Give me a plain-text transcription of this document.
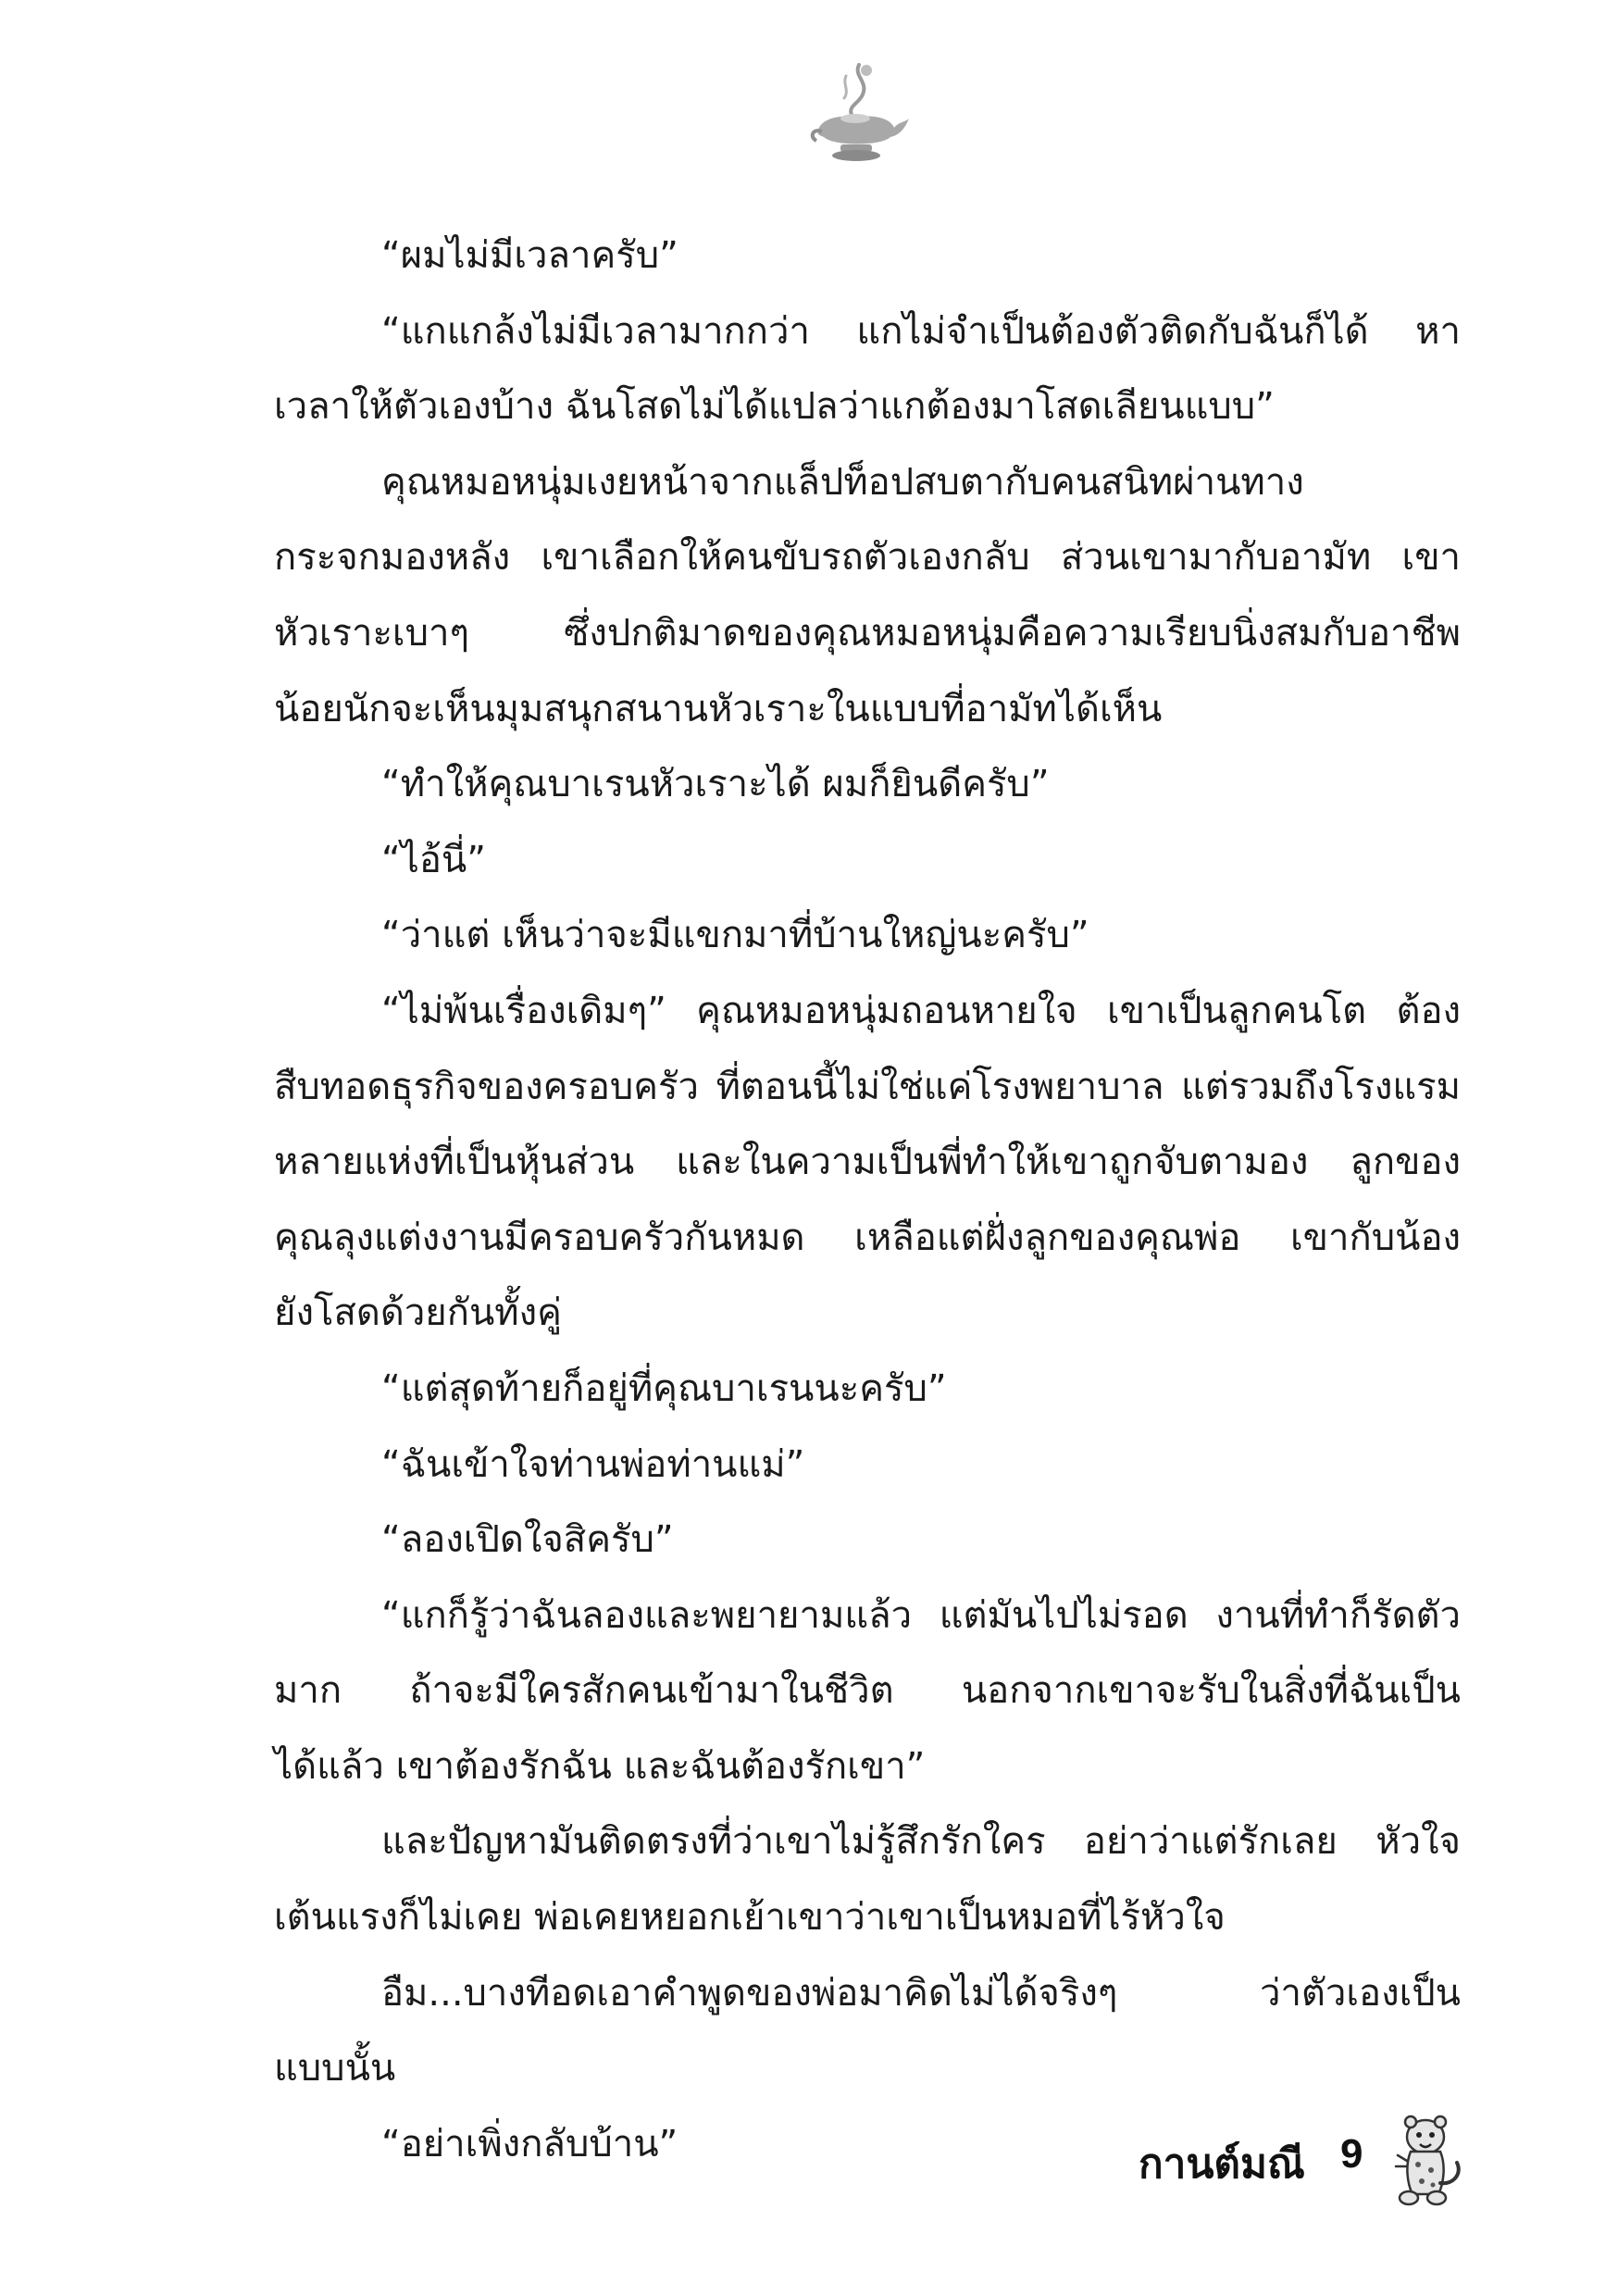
“ผมไม่มีเวลาครับ”
“แกแกล้งไม่มีเวลามากกว่า แกไม่จำเป็นต้องตัวติดกับฉันก็ได้ หา
เวลาให้ตัวเองบ้าง ฉันโสดไม่ได้แปลว่าแกต้องมาโสดเลียนแบบ”
คุณหมอหนุ่มเงยหน้าจากแล็ปท็อปสบตากับคนสนิทผ่านทาง
กระจกมองหลัง เขาเลือกให้คนขับรถตัวเองกลับ ส่วนเขามากับอามัท เขา
หัวเราะเบาๆ ซึ่งปกติมาดของคุณหมอหนุ่มคือความเรียบนิ่งสมกับอาชีพ
น้อยนักจะเห็นมุมสนุกสนานหัวเราะในแบบที่อามัทได้เห็น
“ทำให้คุณบาเรนหัวเราะได้ ผมก็ยินดีครับ”
“ไอ้นี่”
“ว่าแต่ เห็นว่าจะมีแขกมาที่บ้านใหญ่นะครับ”
“ไม่พ้นเรื่องเดิมๆ” คุณหมอหนุ่มถอนหายใจ เขาเป็นลูกคนโต ต้อง
สืบทอดธุรกิจของครอบครัว ที่ตอนนี้ไม่ใช่แค่โรงพยาบาล แต่รวมถึงโรงแรม
หลายแห่งที่เป็นหุ้นส่วน และในความเป็นพี่ทำให้เขาถูกจับตามอง ลูกของ
คุณลุงแต่งงานมีครอบครัวกันหมด เหลือแต่ฝั่งลูกของคุณพ่อ เขากับน้อง
ยังโสดด้วยกันทั้งคู่
“แต่สุดท้ายก็อยู่ที่คุณบาเรนนะครับ”
“ฉันเข้าใจท่านพ่อท่านแม่”
“ลองเปิดใจสิครับ”
“แกก็รู้ว่าฉันลองและพยายามแล้ว แต่มันไปไม่รอด งานที่ทำก็รัดตัว
มาก ถ้าจะมีใครสักคนเข้ามาในชีวิต นอกจากเขาจะรับในสิ่งที่ฉันเป็น
ได้แล้ว เขาต้องรักฉัน และฉันต้องรักเขา”
และปัญหามันติดตรงที่ว่าเขาไม่รู้สึกรักใคร อย่าว่าแต่รักเลย หัวใจ
เต้นแรงก็ไม่เคย พ่อเคยหยอกเย้าเขาว่าเขาเป็นหมอที่ไร้หัวใจ
อืม...บางทีอดเอาคำพูดของพ่อมาคิดไม่ได้จริงๆ ว่าตัวเองเป็น
แบบนั้น
“อย่าเพิ่งกลับบ้าน”	กานต์มณี 9
